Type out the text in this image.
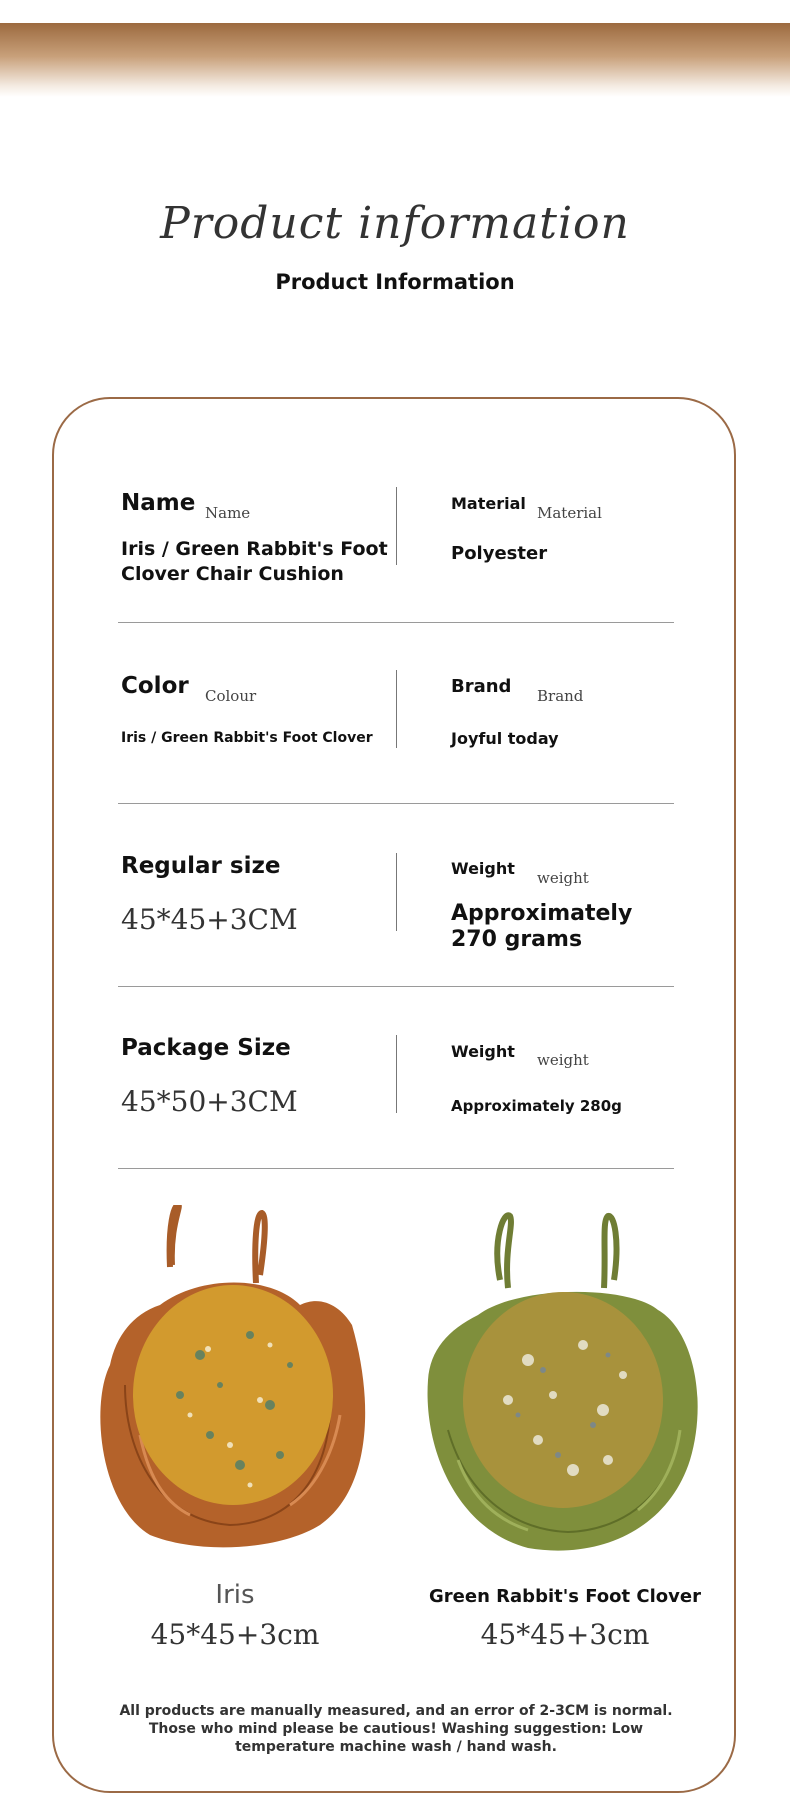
Product information
Product Information
Name Name
Iris / Green Rabbit's Foot
Clover Chair Cushion
Material Material
Polyester
Color Colour
Iris / Green Rabbit's Foot Clover
Brand Brand
Joyful today
Regular size
45*45+3CM
Weight weight
Approximately
270 grams
Package Size
45*50+3CM
Weight weight
Approximately 280g
Iris
45*45+3cm
Green Rabbit's Foot Clover
45*45+3cm
All products are manually measured, and an error of 2-3CM is normal. Those who mind please be cautious! Washing suggestion: Low temperature machine wash / hand wash.
